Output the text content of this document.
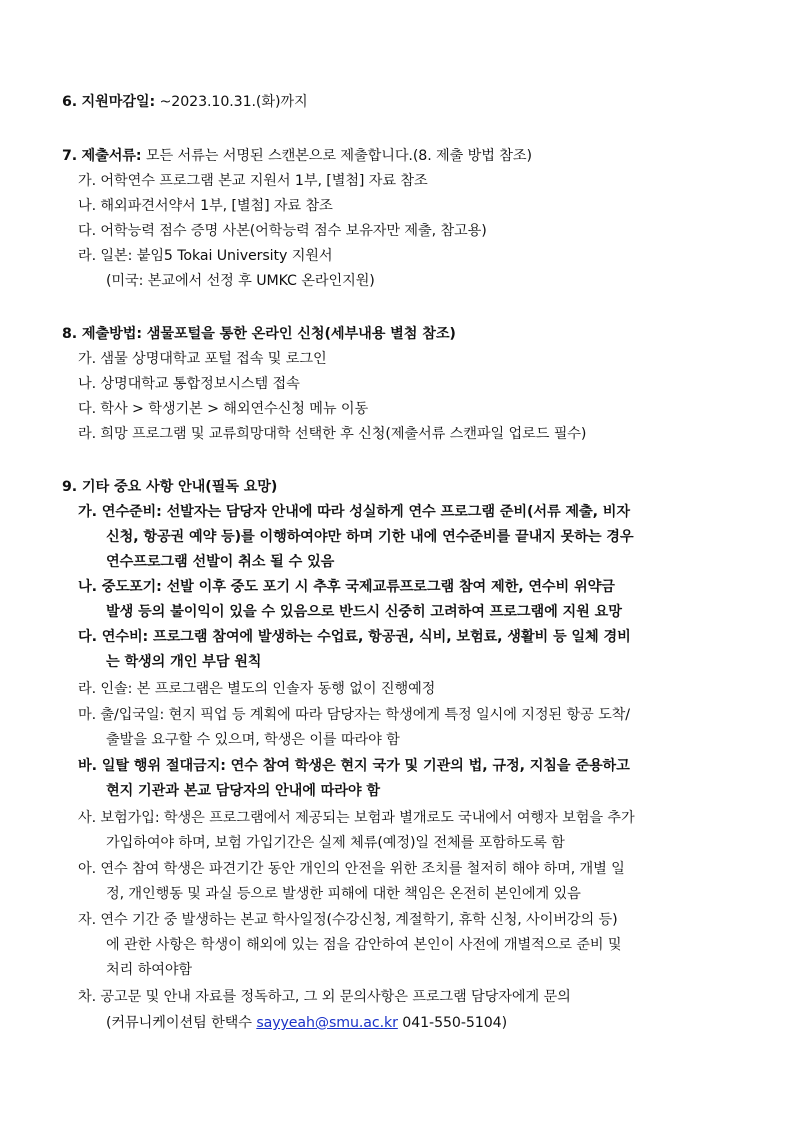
6. 지원마감일: ~2023.10.31.(화)까지
7. 제출서류: 모든 서류는 서명된 스캔본으로 제출합니다.(8. 제출 방법 참조)
가. 어학연수 프로그램 본교 지원서 1부, [별첨] 자료 참조
나. 해외파견서약서 1부, [별첨] 자료 참조
다. 어학능력 점수 증명 사본(어학능력 점수 보유자만 제출, 참고용)
라. 일본: 붙임5 Tokai University 지원서
(미국: 본교에서 선정 후 UMKC 온라인지원)
8. 제출방법: 샘물포털을 통한 온라인 신청(세부내용 별첨 참조)
가. 샘물 상명대학교 포털 접속 및 로그인
나. 상명대학교 통합정보시스템 접속
다. 학사 > 학생기본 > 해외연수신청 메뉴 이동
라. 희망 프로그램 및 교류희망대학 선택한 후 신청(제출서류 스캔파일 업로드 필수)
9. 기타 중요 사항 안내(필독 요망)
가. 연수준비: 선발자는 담당자 안내에 따라 성실하게 연수 프로그램 준비(서류 제출, 비자
신청, 항공권 예약 등)를 이행하여야만 하며 기한 내에 연수준비를 끝내지 못하는 경우
연수프로그램 선발이 취소 될 수 있음
나. 중도포기: 선발 이후 중도 포기 시 추후 국제교류프로그램 참여 제한, 연수비 위약금
발생 등의 불이익이 있을 수 있음으로 반드시 신중히 고려하여 프로그램에 지원 요망
다. 연수비: 프로그램 참여에 발생하는 수업료, 항공권, 식비, 보험료, 생활비 등 일체 경비
는 학생의 개인 부담 원칙
라. 인솔: 본 프로그램은 별도의 인솔자 동행 없이 진행예정
마. 출/입국일: 현지 픽업 등 계획에 따라 담당자는 학생에게 특정 일시에 지정된 항공 도착/
출발을 요구할 수 있으며, 학생은 이를 따라야 함
바. 일탈 행위 절대금지: 연수 참여 학생은 현지 국가 및 기관의 법, 규정, 지침을 준용하고
현지 기관과 본교 담당자의 안내에 따라야 함
사. 보험가입: 학생은 프로그램에서 제공되는 보험과 별개로도 국내에서 여행자 보험을 추가
가입하여야 하며, 보험 가입기간은 실제 체류(예정)일 전체를 포함하도록 함
아. 연수 참여 학생은 파견기간 동안 개인의 안전을 위한 조치를 철저히 해야 하며, 개별 일
정, 개인행동 및 과실 등으로 발생한 피해에 대한 책임은 온전히 본인에게 있음
자. 연수 기간 중 발생하는 본교 학사일정(수강신청, 계절학기, 휴학 신청, 사이버강의 등)
에 관한 사항은 학생이 해외에 있는 점을 감안하여 본인이 사전에 개별적으로 준비 및
처리 하여야함
차. 공고문 및 안내 자료를 정독하고, 그 외 문의사항은 프로그램 담당자에게 문의
(커뮤니케이션팀 한택수 sayyeah@smu.ac.kr 041-550-5104)
